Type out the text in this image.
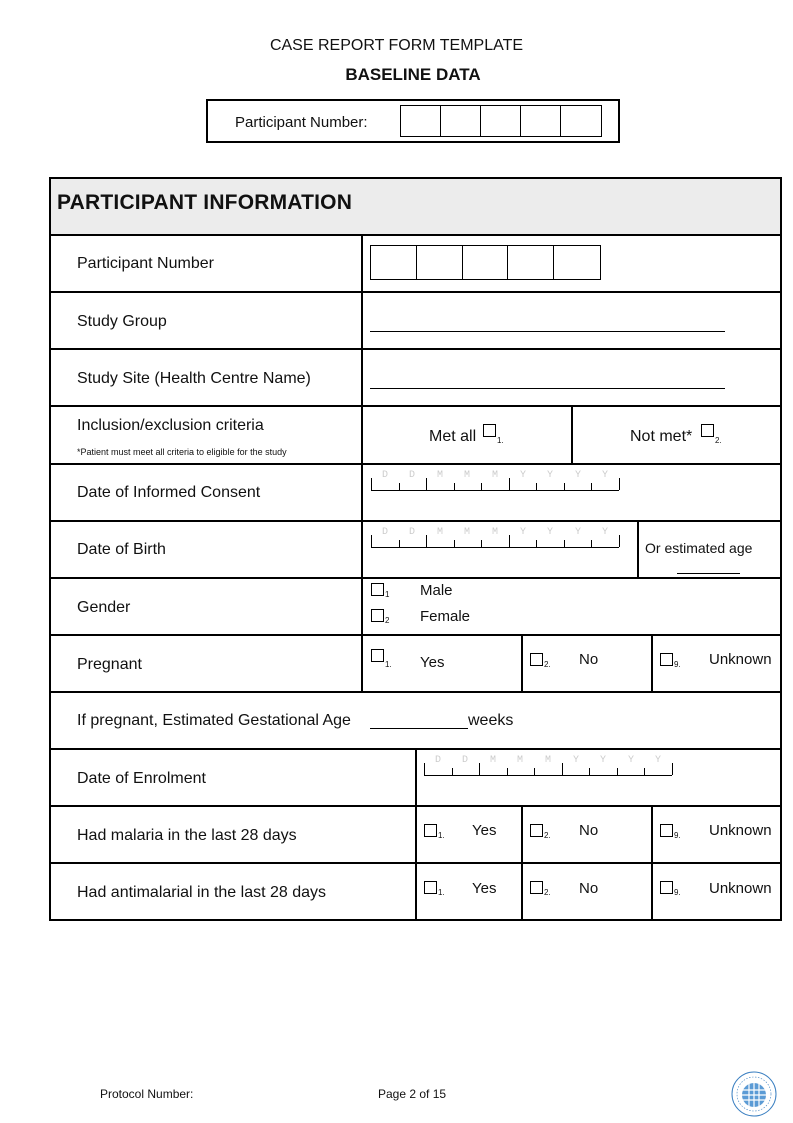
CASE REPORT FORM TEMPLATE
BASELINE DATA
Participant Number:
PARTICIPANT INFORMATION
Participant Number
Study Group
Study Site (Health Centre Name)
Inclusion/exclusion criteria
*Patient must meet all criteria to eligible for the study
Met all	1.	Not met*	2.
Date of Informed Consent
D D M M M Y Y Y Y
Date of Birth
D D M M M Y Y Y Y
Or estimated age
Gender
1 Male
2 Female
Pregnant	1. Yes	2. No	9. Unknown
If pregnant, Estimated Gestational Age	weeks
Date of Enrolment
D D M M M Y Y Y Y
Had malaria in the last 28 days	1. Yes	2. No	9. Unknown
Had antimalarial in the last 28 days	1. Yes	2. No	9. Unknown
Protocol Number:	Page 2 of 15
